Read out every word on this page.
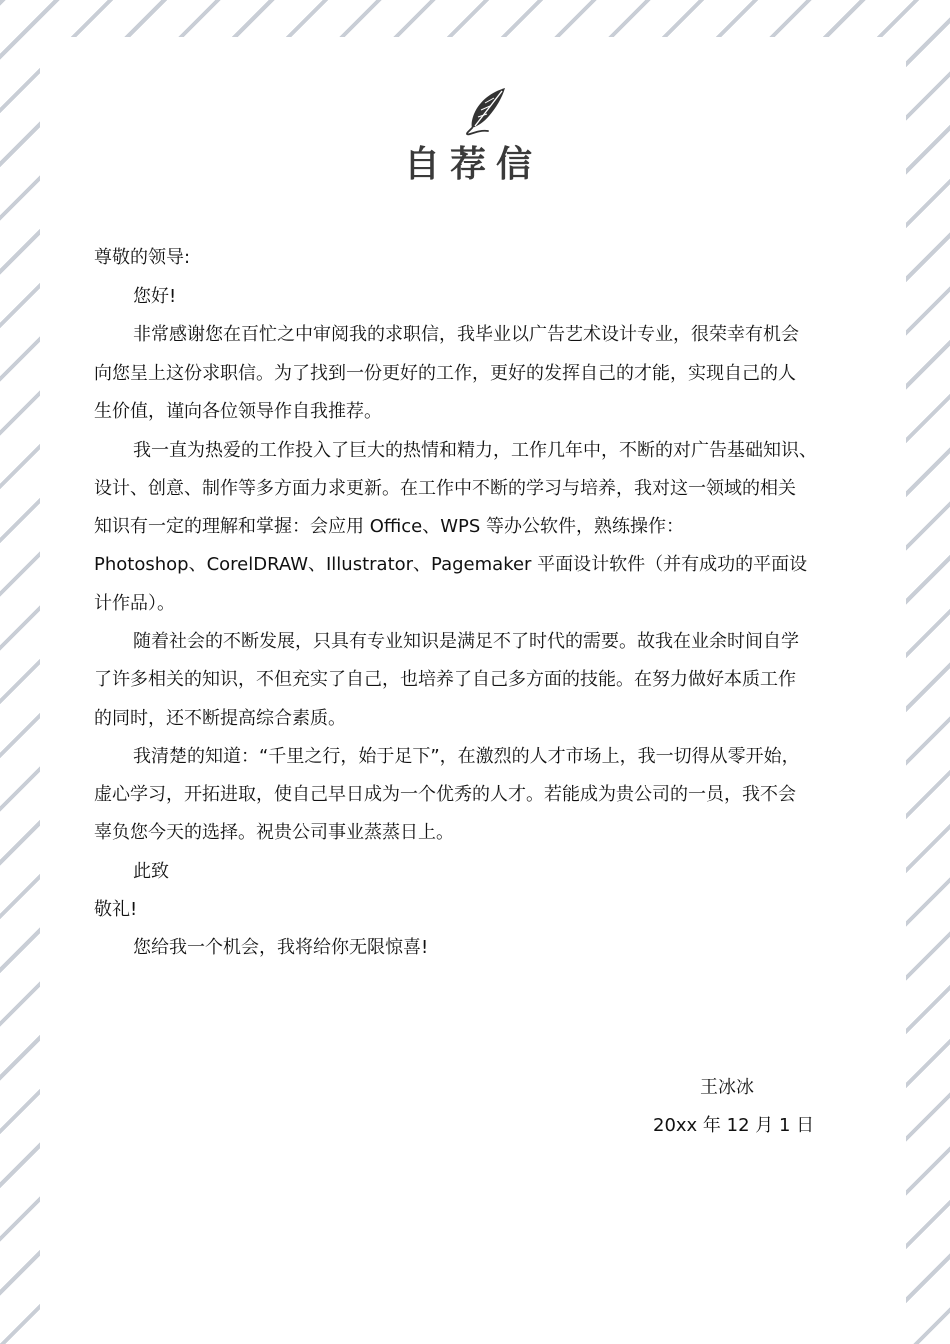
自荐信
尊敬的领导:
您好!
非常感谢您在百忙之中审阅我的求职信，我毕业以广告艺术设计专业，很荣幸有机会
向您呈上这份求职信。为了找到一份更好的工作，更好的发挥自己的才能，实现自己的人
生价值，谨向各位领导作自我推荐。
我一直为热爱的工作投入了巨大的热情和精力，工作几年中，不断的对广告基础知识、
设计、创意、制作等多方面力求更新。在工作中不断的学习与培养，我对这一领域的相关
知识有一定的理解和掌握：会应用 Office、WPS 等办公软件，熟练操作：
Photoshop、CorelDRAW、Illustrator、Pagemaker 平面设计软件（并有成功的平面设
计作品）。
随着社会的不断发展，只具有专业知识是满足不了时代的需要。故我在业余时间自学
了许多相关的知识，不但充实了自己，也培养了自己多方面的技能。在努力做好本质工作
的同时，还不断提高综合素质。
我清楚的知道：“千里之行，始于足下”，在激烈的人才市场上，我一切得从零开始，
虚心学习，开拓进取，使自己早日成为一个优秀的人才。若能成为贵公司的一员，我不会
辜负您今天的选择。祝贵公司事业蒸蒸日上。
此致
敬礼!
您给我一个机会，我将给你无限惊喜!
王冰冰
20xx 年 12 月 1 日
